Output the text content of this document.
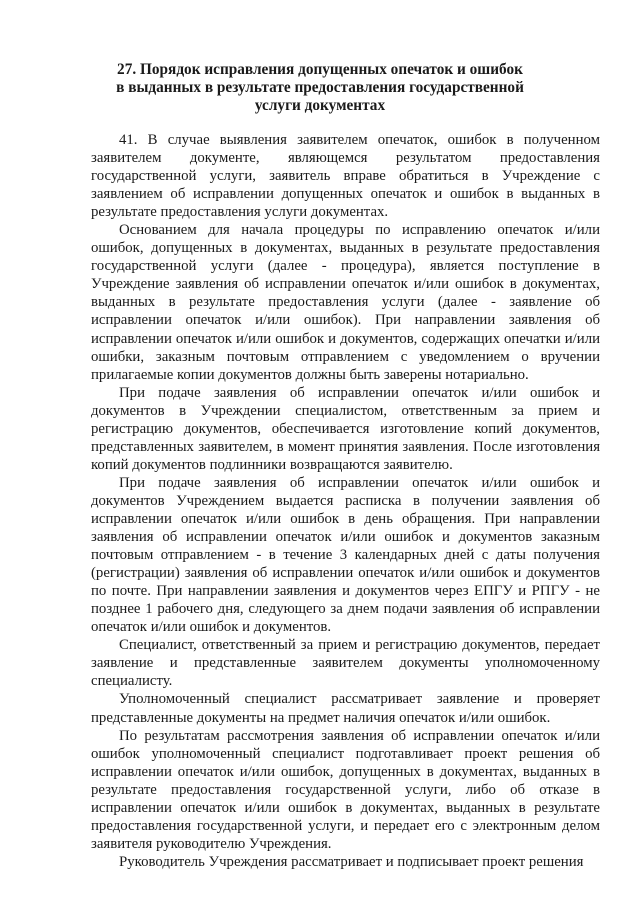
27. Порядок исправления допущенных опечаток и ошибок
в выданных в результате предоставления государственной
услуги документах

41. В случае выявления заявителем опечаток, ошибок в полученном заявителем документе, являющемся результатом предоставления государственной услуги, заявитель вправе обратиться в Учреждение с заявлением об исправлении допущенных опечаток и ошибок в выданных в результате предоставления услуги документах.

Основанием для начала процедуры по исправлению опечаток и/или ошибок, допущенных в документах, выданных в результате предоставления государственной услуги (далее - процедура), является поступление в Учреждение заявления об исправлении опечаток и/или ошибок в документах, выданных в результате предоставления услуги (далее - заявление об исправлении опечаток и/или ошибок). При направлении заявления об исправлении опечаток и/или ошибок и документов, содержащих опечатки и/или ошибки, заказным почтовым отправлением с уведомлением о вручении прилагаемые копии документов должны быть заверены нотариально.

При подаче заявления об исправлении опечаток и/или ошибок и документов в Учреждении специалистом, ответственным за прием и регистрацию документов, обеспечивается изготовление копий документов, представленных заявителем, в момент принятия заявления. После изготовления копий документов подлинники возвращаются заявителю.

При подаче заявления об исправлении опечаток и/или ошибок и документов Учреждением выдается расписка в получении заявления об исправлении опечаток и/или ошибок в день обращения. При направлении заявления об исправлении опечаток и/или ошибок и документов заказным почтовым отправлением - в течение 3 календарных дней с даты получения (регистрации) заявления об исправлении опечаток и/или ошибок и документов по почте. При направлении заявления и документов через ЕПГУ и РПГУ - не позднее 1 рабочего дня, следующего за днем подачи заявления об исправлении опечаток и/или ошибок и документов.

Специалист, ответственный за прием и регистрацию документов, передает заявление и представленные заявителем документы уполномоченному специалисту.

Уполномоченный специалист рассматривает заявление и проверяет представленные документы на предмет наличия опечаток и/или ошибок.

По результатам рассмотрения заявления об исправлении опечаток и/или ошибок уполномоченный специалист подготавливает проект решения об исправлении опечаток и/или ошибок, допущенных в документах, выданных в результате предоставления государственной услуги, либо об отказе в исправлении опечаток и/или ошибок в документах, выданных в результате предоставления государственной услуги, и передает его с электронным делом заявителя руководителю Учреждения.

Руководитель Учреждения рассматривает и подписывает проект решения
